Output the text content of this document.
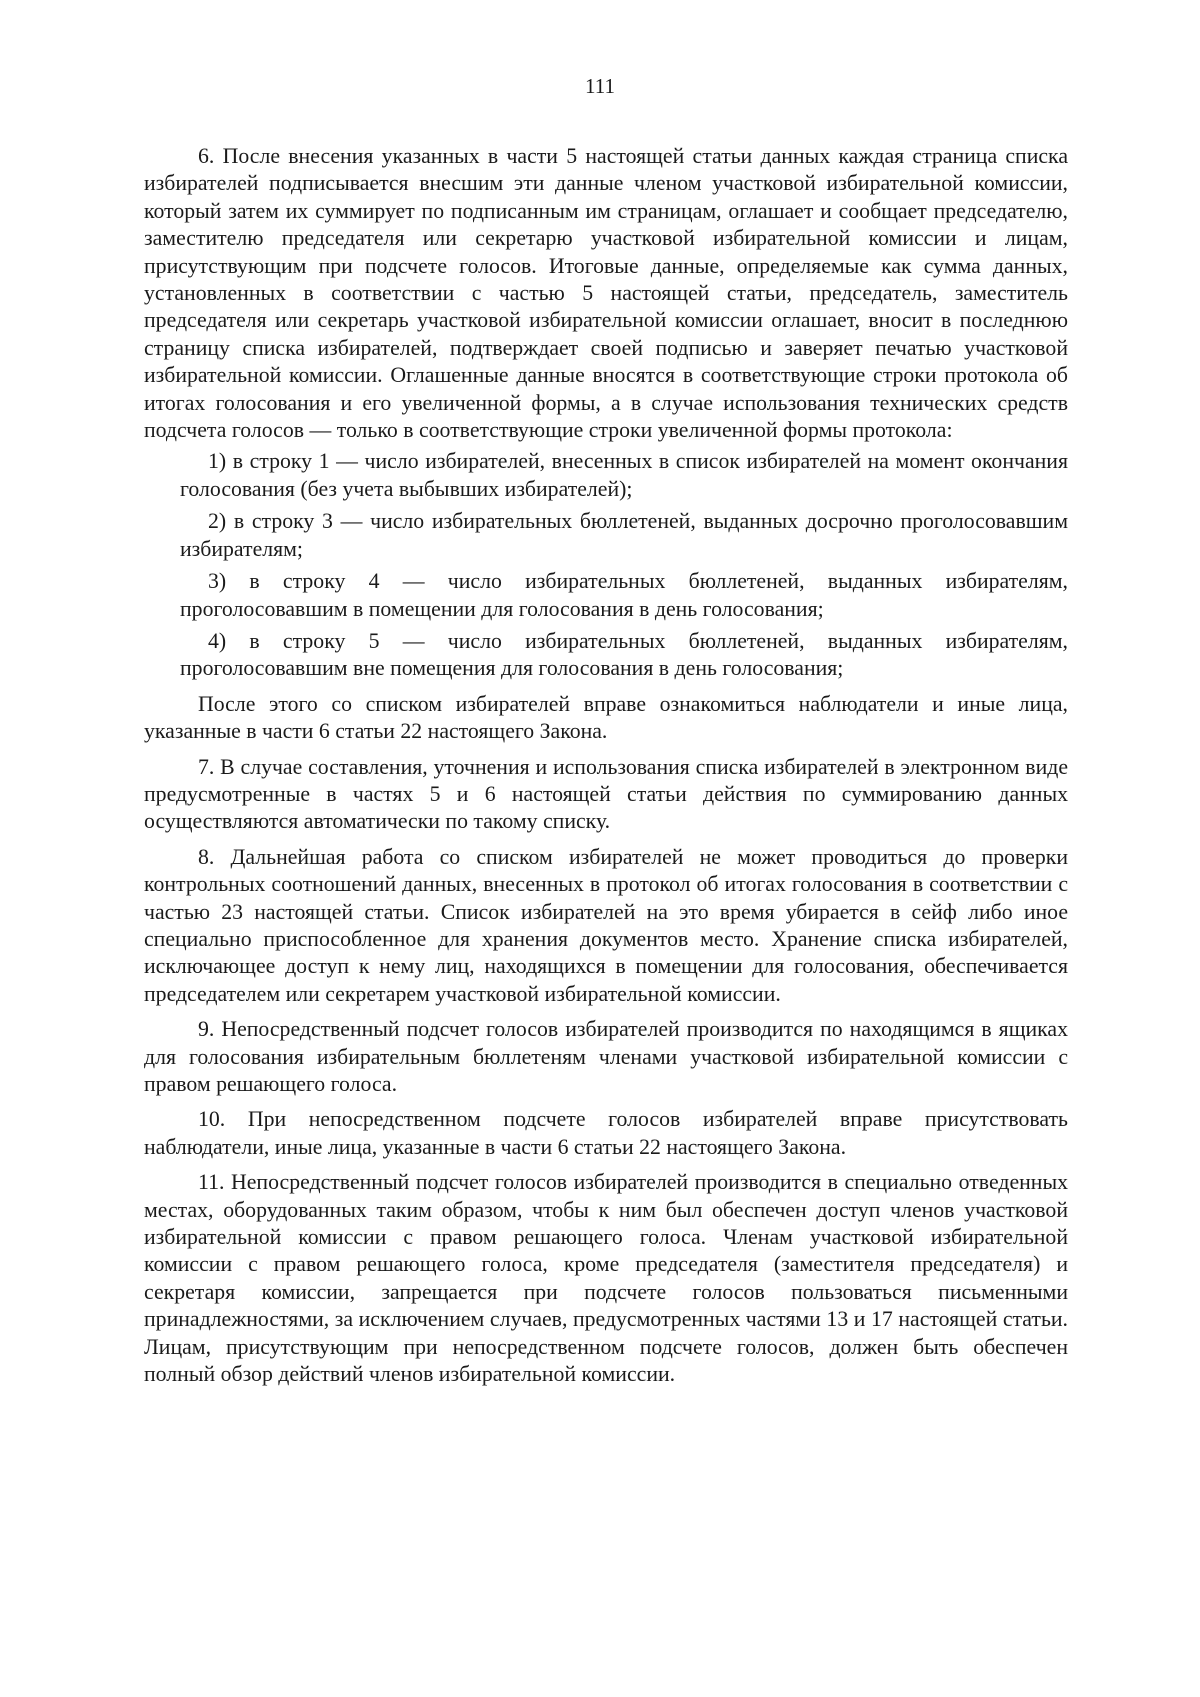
111

6. После внесения указанных в части 5 настоящей статьи данных каждая страница списка избирателей подписывается внесшим эти данные членом участковой избирательной комиссии, который затем их суммирует по подписанным им страницам, оглашает и сообщает председателю, заместителю председателя или секретарю участковой избирательной комиссии и лицам, присутствующим при подсчете голосов. Итоговые данные, определяемые как сумма данных, установленных в соответствии с частью 5 настоящей статьи, председатель, заместитель председателя или секретарь участковой избирательной комиссии оглашает, вносит в последнюю страницу списка избирателей, подтверждает своей подписью и заверяет печатью участковой избирательной комиссии. Оглашенные данные вносятся в соответствующие строки протокола об итогах голосования и его увеличенной формы, а в случае использования технических средств подсчета голосов — только в соответствующие строки увеличенной формы протокола:

1) в строку 1 — число избирателей, внесенных в список избирателей на момент окончания голосования (без учета выбывших избирателей);
2) в строку 3 — число избирательных бюллетеней, выданных досрочно проголосовавшим избирателям;
3) в строку 4 — число избирательных бюллетеней, выданных избирателям, проголосовавшим в помещении для голосования в день голосования;
4) в строку 5 — число избирательных бюллетеней, выданных избирателям, проголосовавшим вне помещения для голосования в день голосования;

После этого со списком избирателей вправе ознакомиться наблюдатели и иные лица, указанные в части 6 статьи 22 настоящего Закона.

7. В случае составления, уточнения и использования списка избирателей в электронном виде предусмотренные в частях 5 и 6 настоящей статьи действия по суммированию данных осуществляются автоматически по такому списку.

8. Дальнейшая работа со списком избирателей не может проводиться до проверки контрольных соотношений данных, внесенных в протокол об итогах голосования в соответствии с частью 23 настоящей статьи. Список избирателей на это время убирается в сейф либо иное специально приспособленное для хранения документов место. Хранение списка избирателей, исключающее доступ к нему лиц, находящихся в помещении для голосования, обеспечивается председателем или секретарем участковой избирательной комиссии.

9. Непосредственный подсчет голосов избирателей производится по находящимся в ящиках для голосования избирательным бюллетеням членами участковой избирательной комиссии с правом решающего голоса.

10. При непосредственном подсчете голосов избирателей вправе присутствовать наблюдатели, иные лица, указанные в части 6 статьи 22 настоящего Закона.

11. Непосредственный подсчет голосов избирателей производится в специально отведенных местах, оборудованных таким образом, чтобы к ним был обеспечен доступ членов участковой избирательной комиссии с правом решающего голоса. Членам участковой избирательной комиссии с правом решающего голоса, кроме председателя (заместителя председателя) и секретаря комиссии, запрещается при подсчете голосов пользоваться письменными принадлежностями, за исключением случаев, предусмотренных частями 13 и 17 настоящей статьи. Лицам, присутствующим при непосредственном подсчете голосов, должен быть обеспечен полный обзор действий членов избирательной комиссии.
